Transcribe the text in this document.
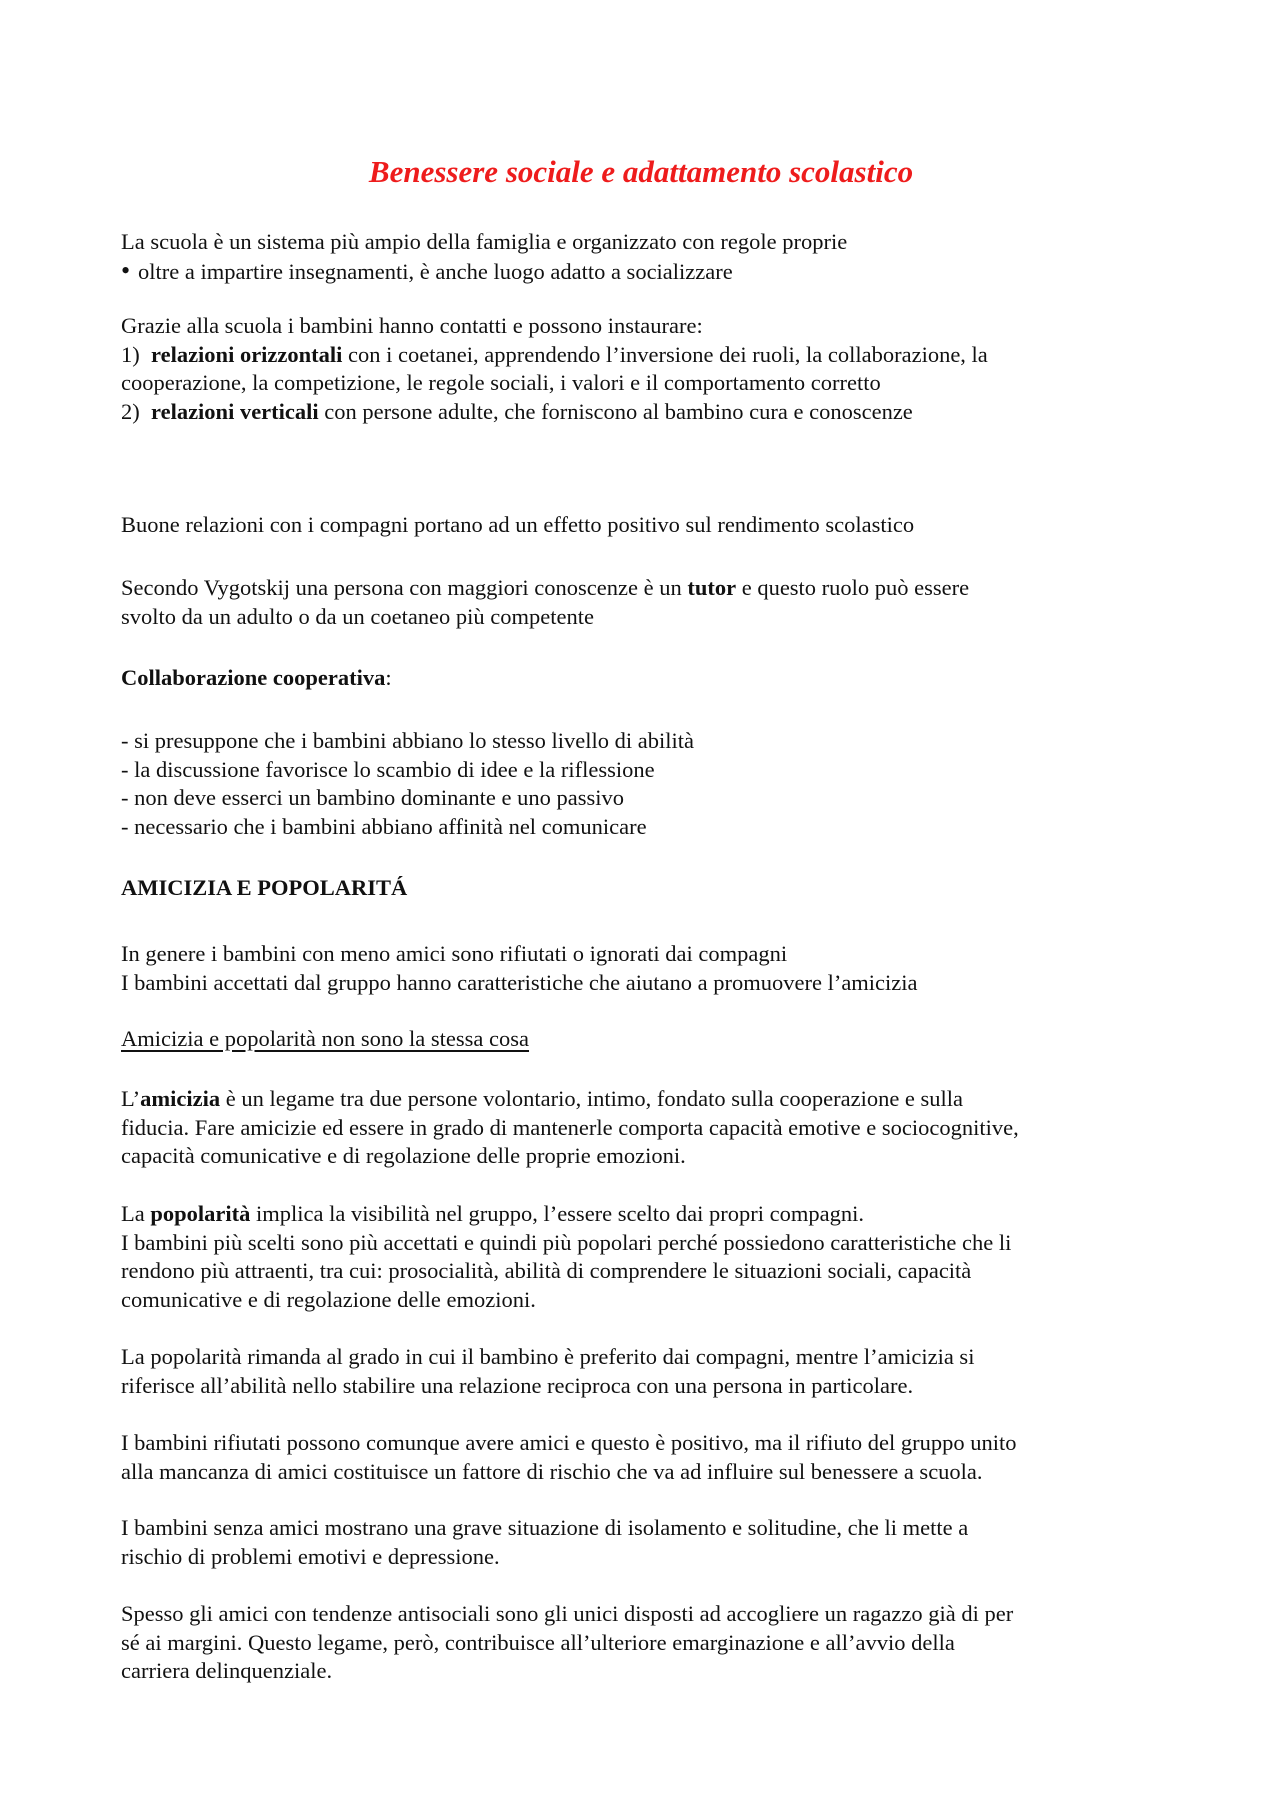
Benessere sociale e adattamento scolastico
La scuola è un sistema più ampio della famiglia e organizzato con regole proprie
• oltre a impartire insegnamenti, è anche luogo adatto a socializzare
Grazie alla scuola i bambini hanno contatti e possono instaurare:
1) relazioni orizzontali con i coetanei, apprendendo l’inversione dei ruoli, la collaborazione, la
cooperazione, la competizione, le regole sociali, i valori e il comportamento corretto
2) relazioni verticali con persone adulte, che forniscono al bambino cura e conoscenze
Buone relazioni con i compagni portano ad un effetto positivo sul rendimento scolastico
Secondo Vygotskij una persona con maggiori conoscenze è un tutor e questo ruolo può essere
svolto da un adulto o da un coetaneo più competente
Collaborazione cooperativa:
- si presuppone che i bambini abbiano lo stesso livello di abilità
- la discussione favorisce lo scambio di idee e la riflessione
- non deve esserci un bambino dominante e uno passivo
- necessario che i bambini abbiano affinità nel comunicare
AMICIZIA E POPOLARITÁ
In genere i bambini con meno amici sono rifiutati o ignorati dai compagni
I bambini accettati dal gruppo hanno caratteristiche che aiutano a promuovere l’amicizia
Amicizia e popolarità non sono la stessa cosa
L’amicizia è un legame tra due persone volontario, intimo, fondato sulla cooperazione e sulla
fiducia. Fare amicizie ed essere in grado di mantenerle comporta capacità emotive e sociocognitive,
capacità comunicative e di regolazione delle proprie emozioni.
La popolarità implica la visibilità nel gruppo, l’essere scelto dai propri compagni.
I bambini più scelti sono più accettati e quindi più popolari perché possiedono caratteristiche che li
rendono più attraenti, tra cui: prosocialità, abilità di comprendere le situazioni sociali, capacità
comunicative e di regolazione delle emozioni.
La popolarità rimanda al grado in cui il bambino è preferito dai compagni, mentre l’amicizia si
riferisce all’abilità nello stabilire una relazione reciproca con una persona in particolare.
I bambini rifiutati possono comunque avere amici e questo è positivo, ma il rifiuto del gruppo unito
alla mancanza di amici costituisce un fattore di rischio che va ad influire sul benessere a scuola.
I bambini senza amici mostrano una grave situazione di isolamento e solitudine, che li mette a
rischio di problemi emotivi e depressione.
Spesso gli amici con tendenze antisociali sono gli unici disposti ad accogliere un ragazzo già di per
sé ai margini. Questo legame, però, contribuisce all’ulteriore emarginazione e all’avvio della
carriera delinquenziale.
